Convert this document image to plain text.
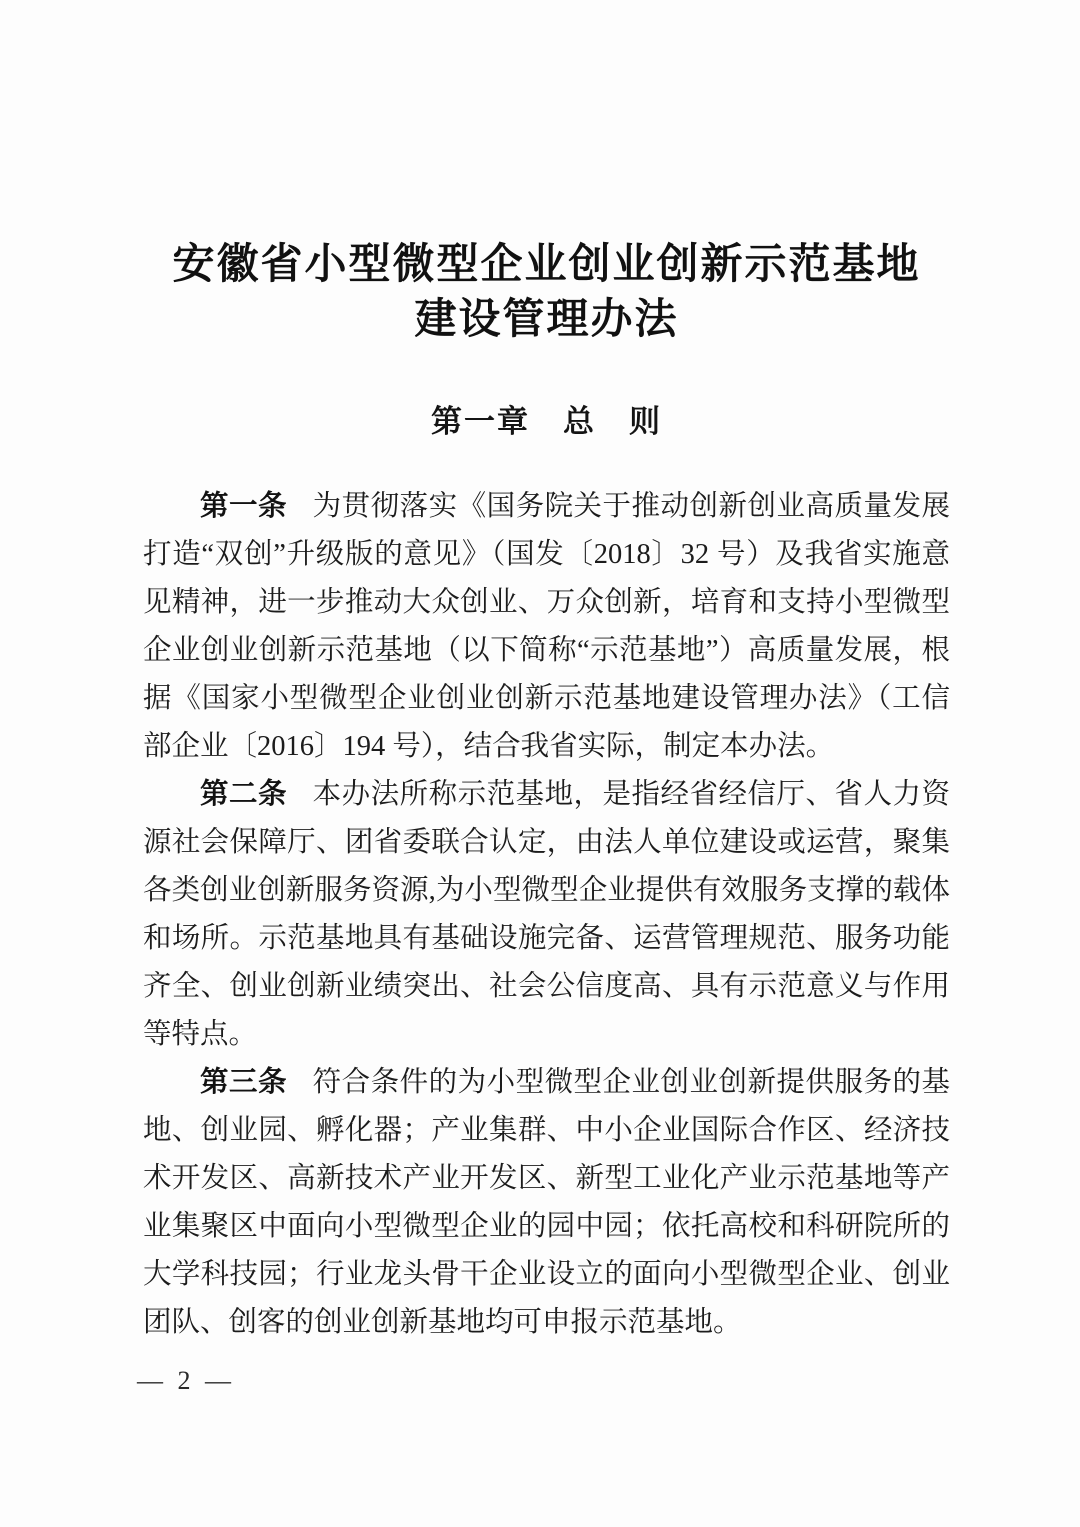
安徽省小型微型企业创业创新示范基地
建设管理办法
第一章　总　则

第一条 为贯彻落实《国务院关于推动创新创业高质量发展打造“双创”升级版的意见》（国发〔2018〕32 号）及我省实施意见精神，进一步推动大众创业、万众创新，培育和支持小型微型企业创业创新示范基地（以下简称“示范基地”）高质量发展，根据《国家小型微型企业创业创新示范基地建设管理办法》（工信部企业〔2016〕194 号），结合我省实际，制定本办法。

第二条 本办法所称示范基地，是指经省经信厅、省人力资源社会保障厅、团省委联合认定，由法人单位建设或运营，聚集各类创业创新服务资源,为小型微型企业提供有效服务支撑的载体和场所。示范基地具有基础设施完备、运营管理规范、服务功能齐全、创业创新业绩突出、社会公信度高、具有示范意义与作用等特点。

第三条 符合条件的为小型微型企业创业创新提供服务的基地、创业园、孵化器；产业集群、中小企业国际合作区、经济技术开发区、高新技术产业开发区、新型工业化产业示范基地等产业集聚区中面向小型微型企业的园中园；依托高校和科研院所的大学科技园；行业龙头骨干企业设立的面向小型微型企业、创业团队、创客的创业创新基地均可申报示范基地。

— 2 —
